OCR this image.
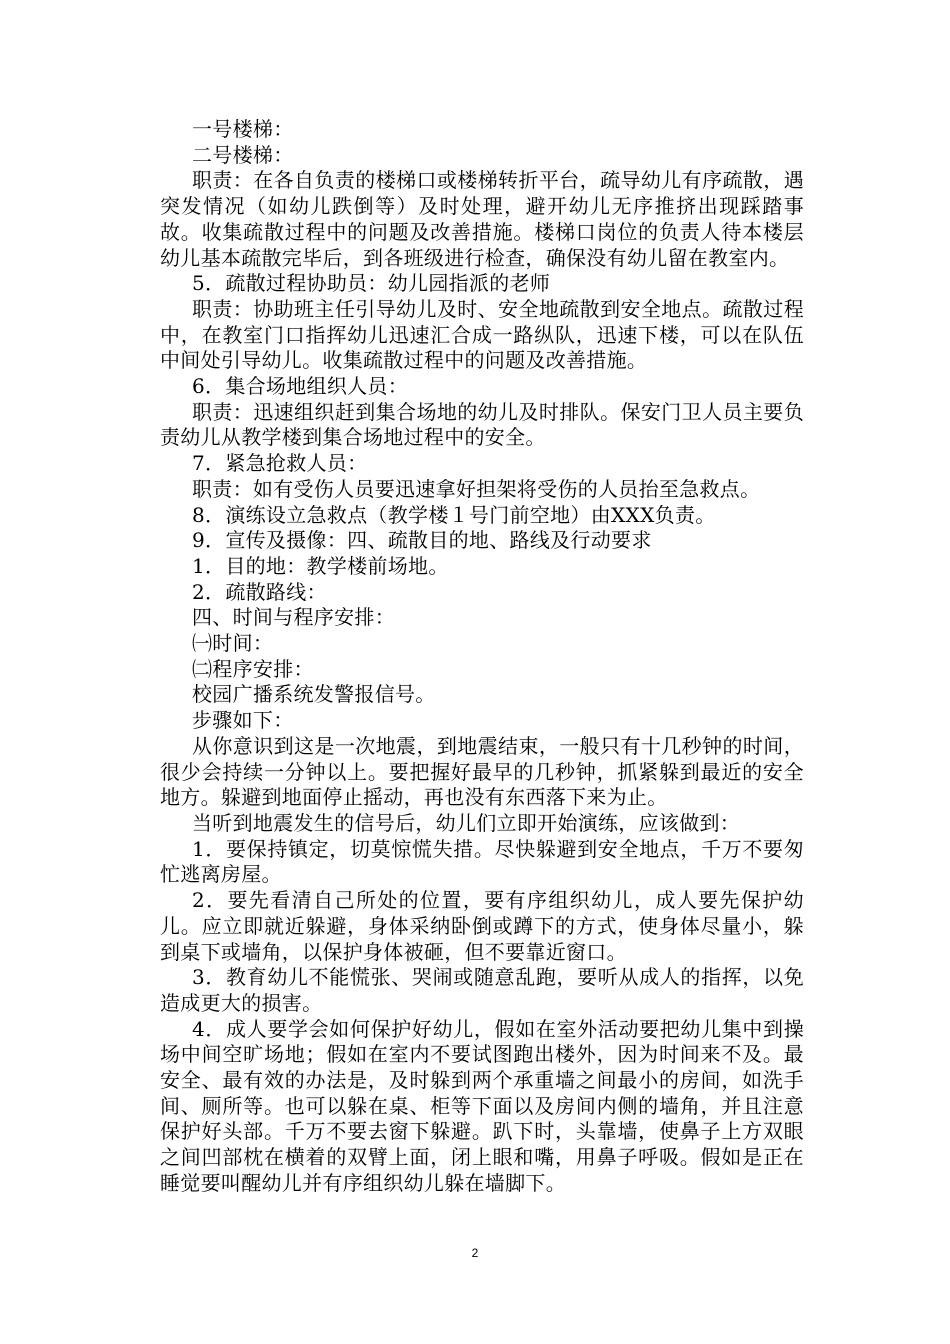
一号楼梯：

二号楼梯：

职责：在各自负责的楼梯口或楼梯转折平台，疏导幼儿有序疏散，遇突发情况（如幼儿跌倒等）及时处理，避开幼儿无序推挤出现踩踏事故。收集疏散过程中的问题及改善措施。楼梯口岗位的负责人待本楼层幼儿基本疏散完毕后，到各班级进行检查，确保没有幼儿留在教室内。

5．疏散过程协助员：幼儿园指派的老师

职责：协助班主任引导幼儿及时、安全地疏散到安全地点。疏散过程中，在教室门口指挥幼儿迅速汇合成一路纵队，迅速下楼，可以在队伍中间处引导幼儿。收集疏散过程中的问题及改善措施。

6．集合场地组织人员：

职责：迅速组织赶到集合场地的幼儿及时排队。保安门卫人员主要负责幼儿从教学楼到集合场地过程中的安全。

7．紧急抢救人员：

职责：如有受伤人员要迅速拿好担架将受伤的人员抬至急救点。

8．演练设立急救点（教学楼１号门前空地）由XXX负责。

9．宣传及摄像：四、疏散目的地、路线及行动要求

1．目的地：教学楼前场地。

2．疏散路线：

四、时间与程序安排：

㈠时间：

㈡程序安排：

校园广播系统发警报信号。

步骤如下：

从你意识到这是一次地震，到地震结束，一般只有十几秒钟的时间，很少会持续一分钟以上。要把握好最早的几秒钟，抓紧躲到最近的安全地方。躲避到地面停止摇动，再也没有东西落下来为止。

当听到地震发生的信号后，幼儿们立即开始演练，应该做到：

1．要保持镇定，切莫惊慌失措。尽快躲避到安全地点，千万不要匆忙逃离房屋。

2．要先看清自己所处的位置，要有序组织幼儿，成人要先保护幼儿。应立即就近躲避，身体采纳卧倒或蹲下的方式，使身体尽量小，躲到桌下或墙角，以保护身体被砸，但不要靠近窗口。

3．教育幼儿不能慌张、哭闹或随意乱跑，要听从成人的指挥，以免造成更大的损害。

4．成人要学会如何保护好幼儿，假如在室外活动要把幼儿集中到操场中间空旷场地；假如在室内不要试图跑出楼外，因为时间来不及。最安全、最有效的办法是，及时躲到两个承重墙之间最小的房间，如洗手间、厕所等。也可以躲在桌、柜等下面以及房间内侧的墙角，并且注意保护好头部。千万不要去窗下躲避。趴下时，头靠墙，使鼻子上方双眼之间凹部枕在横着的双臂上面，闭上眼和嘴，用鼻子呼吸。假如是正在睡觉要叫醒幼儿并有序组织幼儿躲在墙脚下。

2
